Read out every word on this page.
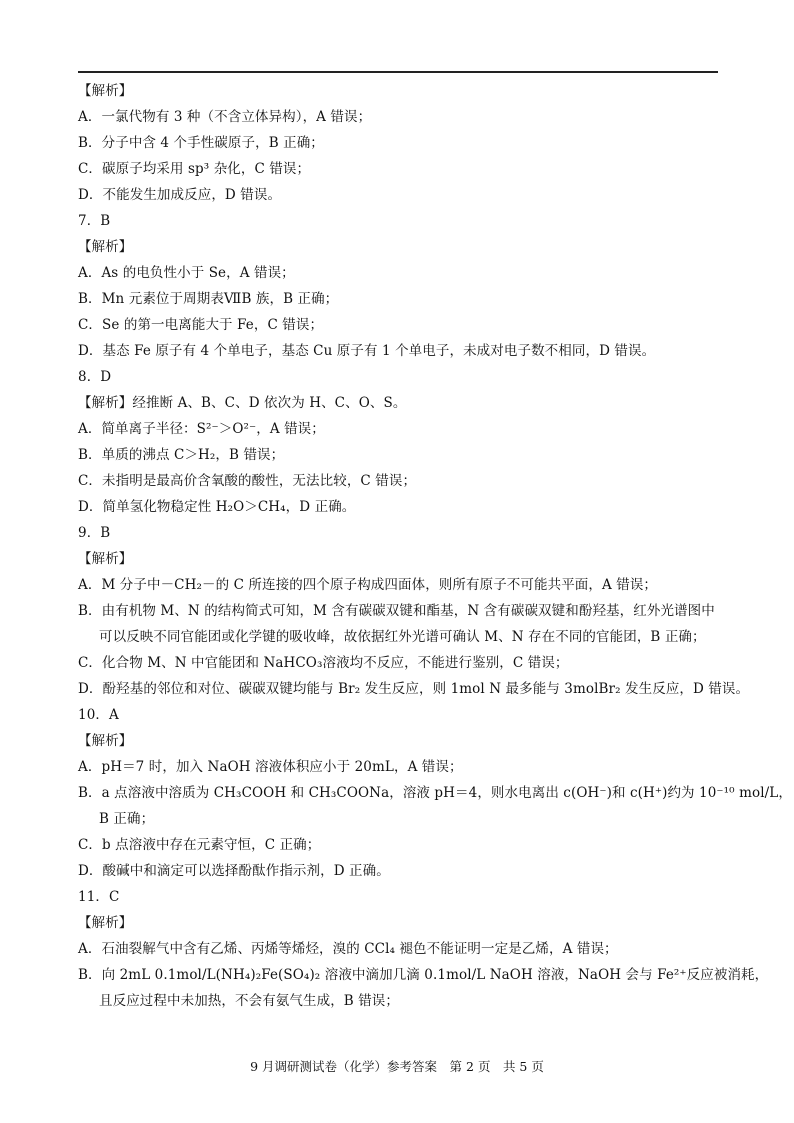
【解析】
A．一氯代物有 3 种（不含立体异构），A 错误；
B．分子中含 4 个手性碳原子，B 正确；
C．碳原子均采用 sp³ 杂化，C 错误；
D．不能发生加成反应，D 错误。
7．B
【解析】
A．As 的电负性小于 Se，A 错误；
B．Mn 元素位于周期表ⅦB 族，B 正确；
C．Se 的第一电离能大于 Fe，C 错误；
D．基态 Fe 原子有 4 个单电子，基态 Cu 原子有 1 个单电子，未成对电子数不相同，D 错误。
8．D
【解析】经推断 A、B、C、D 依次为 H、C、O、S。
A．简单离子半径：S²⁻＞O²⁻，A 错误；
B．单质的沸点 C＞H₂，B 错误；
C．未指明是最高价含氧酸的酸性，无法比较，C 错误；
D．简单氢化物稳定性 H₂O＞CH₄，D 正确。
9．B
【解析】
A．M 分子中－CH₂－的 C 所连接的四个原子构成四面体，则所有原子不可能共平面，A 错误；
B．由有机物 M、N 的结构简式可知，M 含有碳碳双键和酯基，N 含有碳碳双键和酚羟基，红外光谱图中
可以反映不同官能团或化学键的吸收峰，故依据红外光谱可确认 M、N 存在不同的官能团，B 正确；
C．化合物 M、N 中官能团和 NaHCO₃溶液均不反应，不能进行鉴别，C 错误；
D．酚羟基的邻位和对位、碳碳双键均能与 Br₂ 发生反应，则 1mol N 最多能与 3molBr₂ 发生反应，D 错误。
10．A
【解析】
A．pH＝7 时，加入 NaOH 溶液体积应小于 20mL，A 错误；
B．a 点溶液中溶质为 CH₃COOH 和 CH₃COONa，溶液 pH＝4，则水电离出 c(OH⁻)和 c(H⁺)约为 10⁻¹⁰ mol/L，
B 正确；
C．b 点溶液中存在元素守恒，C 正确；
D．酸碱中和滴定可以选择酚酞作指示剂，D 正确。
11．C
【解析】
A．石油裂解气中含有乙烯、丙烯等烯烃，溴的 CCl₄ 褪色不能证明一定是乙烯，A 错误；
B．向 2mL 0.1mol/L(NH₄)₂Fe(SO₄)₂ 溶液中滴加几滴 0.1mol/L NaOH 溶液，NaOH 会与 Fe²⁺反应被消耗，
且反应过程中未加热，不会有氨气生成，B 错误；
9 月调研测试卷（化学）参考答案　第 2 页　共 5 页
